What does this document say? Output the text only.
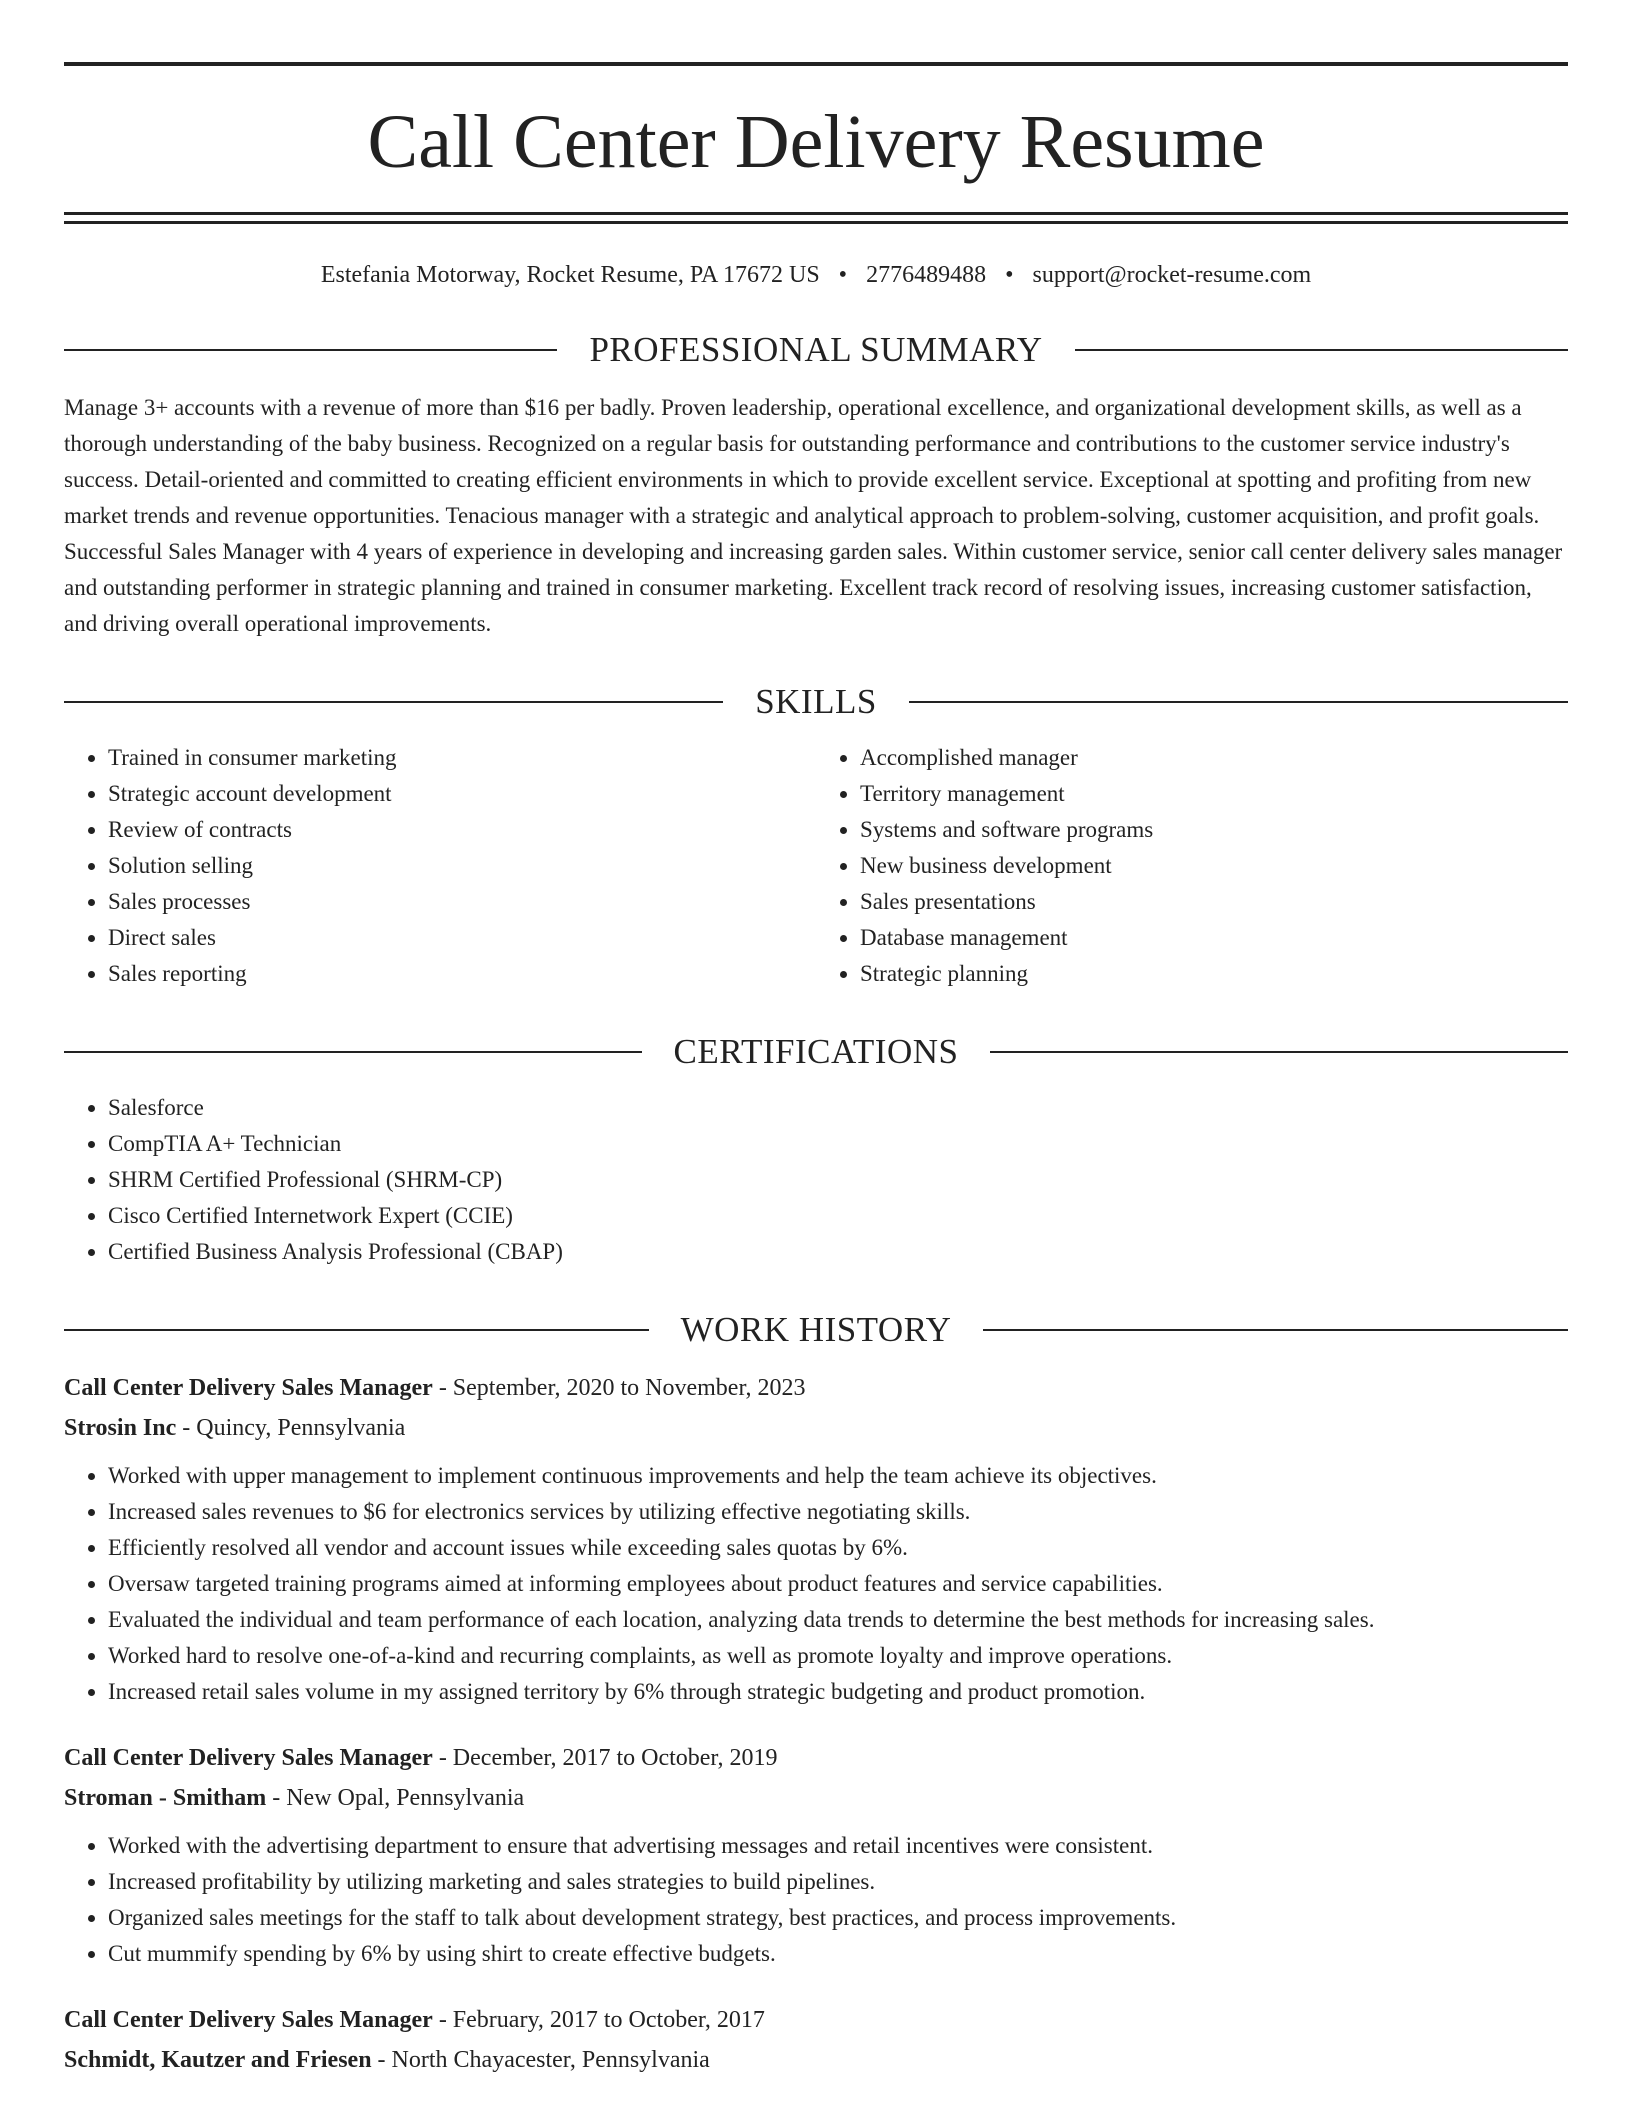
Call Center Delivery Resume
Estefania Motorway, Rocket Resume, PA 17672 US • 2776489488 • support@rocket-resume.com
PROFESSIONAL SUMMARY
Manage 3+ accounts with a revenue of more than $16 per badly. Proven leadership, operational excellence, and organizational development skills, as well as a thorough understanding of the baby business. Recognized on a regular basis for outstanding performance and contributions to the customer service industry's success. Detail-oriented and committed to creating efficient environments in which to provide excellent service. Exceptional at spotting and profiting from new market trends and revenue opportunities. Tenacious manager with a strategic and analytical approach to problem-solving, customer acquisition, and profit goals. Successful Sales Manager with 4 years of experience in developing and increasing garden sales. Within customer service, senior call center delivery sales manager and outstanding performer in strategic planning and trained in consumer marketing. Excellent track record of resolving issues, increasing customer satisfaction, and driving overall operational improvements.
SKILLS
• Trained in consumer marketing
• Strategic account development
• Review of contracts
• Solution selling
• Sales processes
• Direct sales
• Sales reporting
• Accomplished manager
• Territory management
• Systems and software programs
• New business development
• Sales presentations
• Database management
• Strategic planning
CERTIFICATIONS
• Salesforce
• CompTIA A+ Technician
• SHRM Certified Professional (SHRM-CP)
• Cisco Certified Internetwork Expert (CCIE)
• Certified Business Analysis Professional (CBAP)
WORK HISTORY
Call Center Delivery Sales Manager - September, 2020 to November, 2023
Strosin Inc - Quincy, Pennsylvania
• Worked with upper management to implement continuous improvements and help the team achieve its objectives.
• Increased sales revenues to $6 for electronics services by utilizing effective negotiating skills.
• Efficiently resolved all vendor and account issues while exceeding sales quotas by 6%.
• Oversaw targeted training programs aimed at informing employees about product features and service capabilities.
• Evaluated the individual and team performance of each location, analyzing data trends to determine the best methods for increasing sales.
• Worked hard to resolve one-of-a-kind and recurring complaints, as well as promote loyalty and improve operations.
• Increased retail sales volume in my assigned territory by 6% through strategic budgeting and product promotion.
Call Center Delivery Sales Manager - December, 2017 to October, 2019
Stroman - Smitham - New Opal, Pennsylvania
• Worked with the advertising department to ensure that advertising messages and retail incentives were consistent.
• Increased profitability by utilizing marketing and sales strategies to build pipelines.
• Organized sales meetings for the staff to talk about development strategy, best practices, and process improvements.
• Cut mummify spending by 6% by using shirt to create effective budgets.
Call Center Delivery Sales Manager - February, 2017 to October, 2017
Schmidt, Kautzer and Friesen - North Chayacester, Pennsylvania
